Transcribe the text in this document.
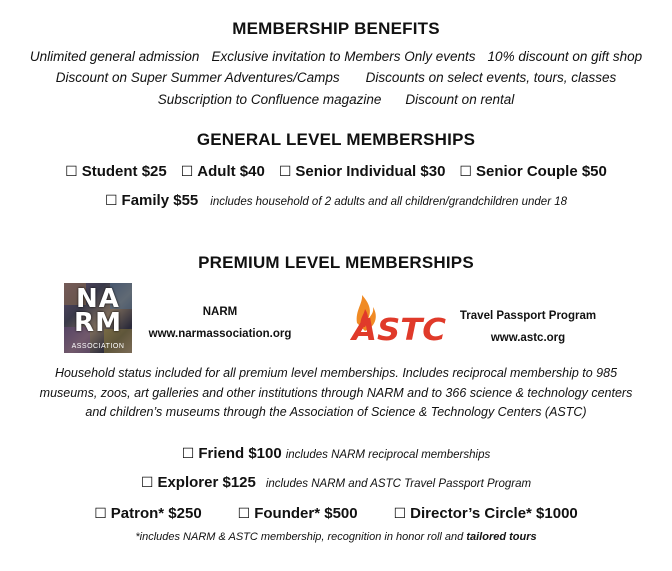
MEMBERSHIP BENEFITS
Unlimited general admission Exclusive invitation to Members Only events 10% discount on gift shop
Discount on Super Summer Adventures/Camps Discounts on select events, tours, classes
Subscription to Confluence magazine Discount on rental
GENERAL LEVEL MEMBERSHIPS
☐ Student $25 ☐ Adult $40 ☐ Senior Individual $30 ☐ Senior Couple $50
☐ Family $55 includes household of 2 adults and all children/grandchildren under 18
PREMIUM LEVEL MEMBERSHIPS
NA
RM
ASSOCIATION
NARM
www.narmassociation.org ASTC	Travel Passport Program
www.astc.org
Household status included for all premium level memberships. Includes reciprocal membership to 985
museums, zoos, art galleries and other institutions through NARM and to 366 science & technology centers
and children’s museums through the Association of Science & Technology Centers (ASTC)
☐ Friend $100 includes NARM reciprocal memberships
☐ Explorer $125 includes NARM and ASTC Travel Passport Program
☐ Patron* $250	☐ Founder* $500	☐ Director’s Circle* $1000
*includes NARM & ASTC membership, recognition in honor roll and tailored tours
